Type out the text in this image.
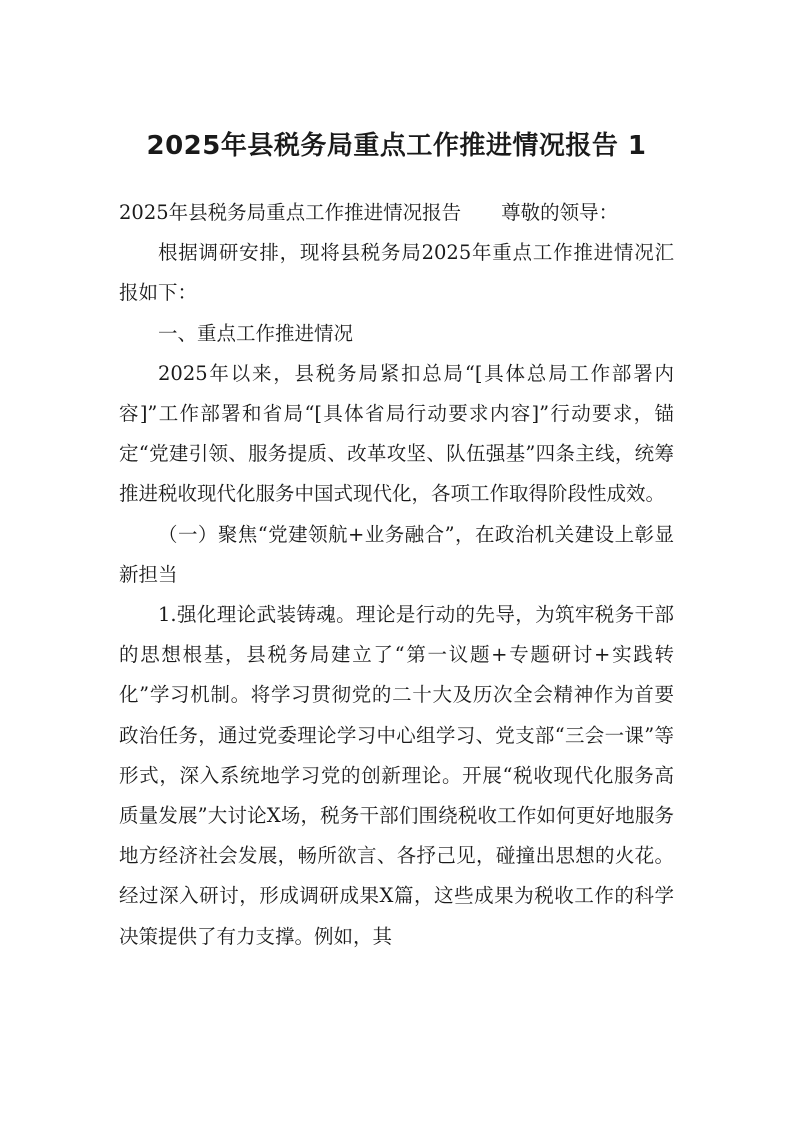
2025年县税务局重点工作推进情况报告 1

2025年县税务局重点工作推进情况报告 尊敬的领导：

根据调研安排，现将县税务局2025年重点工作推进情况汇报如下：

一、重点工作推进情况

2025年以来，县税务局紧扣总局“[具体总局工作部署内容]”工作部署和省局“[具体省局行动要求内容]”行动要求，锚定“党建引领、服务提质、改革攻坚、队伍强基”四条主线，统筹推进税收现代化服务中国式现代化，各项工作取得阶段性成效。

（一）聚焦“党建领航+业务融合”，在政治机关建设上彰显新担当

1.强化理论武装铸魂。理论是行动的先导，为筑牢税务干部的思想根基，县税务局建立了“第一议题+专题研讨+实践转化”学习机制。将学习贯彻党的二十大及历次全会精神作为首要政治任务，通过党委理论学习中心组学习、党支部“三会一课”等形式，深入系统地学习党的创新理论。开展“税收现代化服务高质量发展”大讨论X场，税务干部们围绕税收工作如何更好地服务地方经济社会发展，畅所欲言、各抒己见，碰撞出思想的火花。经过深入研讨，形成调研成果X篇，这些成果为税收工作的科学决策提供了有力支撑。例如，其
